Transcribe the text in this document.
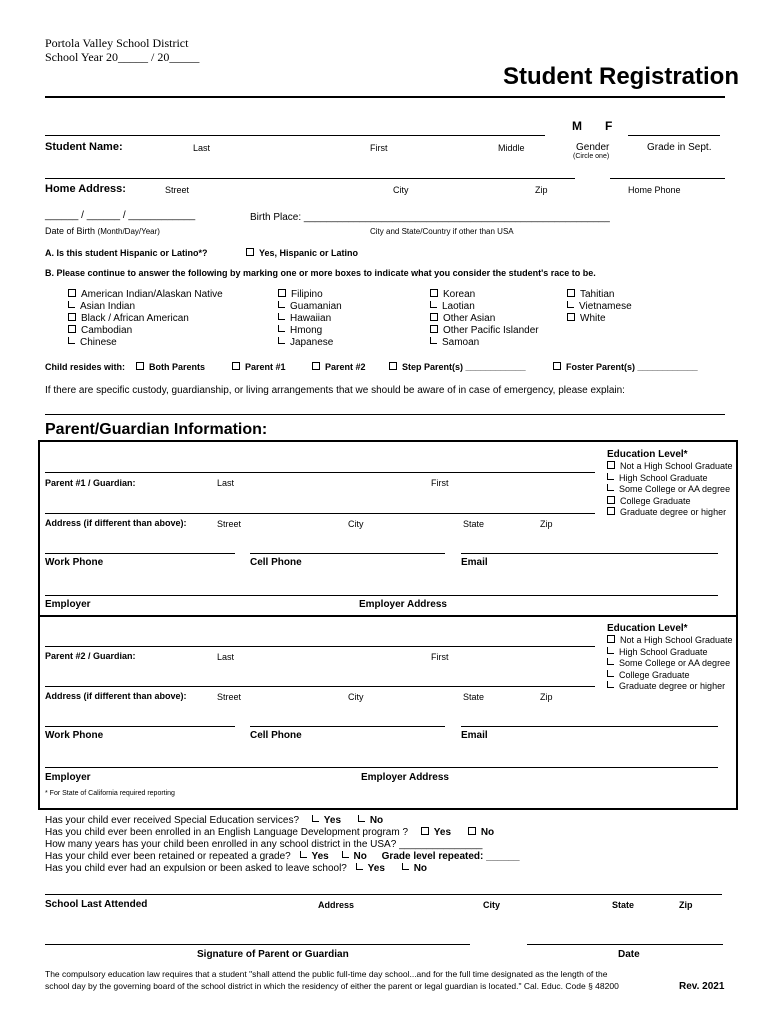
Portola Valley School District
School Year 20_____ / 20_____
Student Registration
M F
Student Name:	Last	First	Middle	Gender
(Circle one)
Grade in Sept.
Home Address:	Street	City	Zip	Home Phone
______ / ______ / ____________	Birth Place: _______________________________________________________
Date of Birth (Month/Day/Year)	City and State/Country if other than USA
A. Is this student Hispanic or Latino*?	Yes, Hispanic or Latino
B. Please continue to answer the following by marking one or more boxes to indicate what you consider the student's race to be.
American Indian/Alaskan Native
Asian Indian
Black / African American
Cambodian
Chinese
Filipino
Guamanian
Hawaiian
Hmong
Japanese
Korean
Laotian
Other Asian
Other Pacific Islander
Samoan
Tahitian
Vietnamese
White
Child resides with:	Both Parents	Parent #1	Parent #2	Step Parent(s) ____________	Foster Parent(s) ____________
If there are specific custody, guardianship, or living arrangements that we should be aware of in case of emergency, please explain:
Parent/Guardian Information:
Education Level*
Not a High School Graduate
High School Graduate
Some College or AA degree
College Graduate
Graduate degree or higher
Parent #1 / Guardian:	Last	First
Address (if different than above):	Street	City	State	Zip
Work Phone	Cell Phone	Email
Employer	Employer Address
Education Level*
Not a High School Graduate
High School Graduate
Some College or AA degree
College Graduate
Graduate degree or higher
Parent #2 / Guardian:	Last	First
Address (if different than above):	Street	City	State	Zip
Work Phone	Cell Phone	Email
Employer	Employer Address
* For State of California required reporting
Has your child ever received Special Education services? Yes	No
Has you child ever been enrolled in an English Language Development program ?	Yes	No
How many years has your child been enrolled in any school district in the USA? _______________
Has your child ever been retained or repeated a grade? Yes No Grade level repeated: ______
Has you child ever had an expulsion or been asked to leave school? Yes	No
School Last Attended	Address	City	State	Zip
Signature of Parent or Guardian	Date
The compulsory education law requires that a student "shall attend the public full-time day school...and for the full time designated as the length of the
school day by the governing board of the school district in which the residency of either the parent or legal guardian is located." Cal. Educ. Code § 48200	Rev. 2021
